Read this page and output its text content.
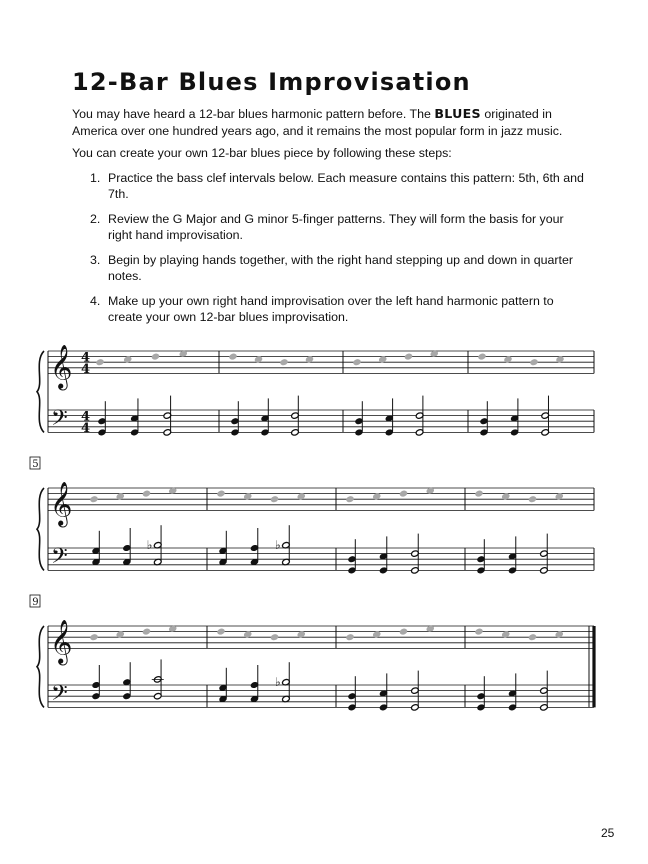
12-Bar Blues Improvisation

You may have heard a 12-bar blues harmonic pattern before. The BLUES originated in America over one hundred years ago, and it remains the most popular form in jazz music.

You can create your own 12-bar blues piece by following these steps:

1. Practice the bass clef intervals below. Each measure contains this pattern: 5th, 6th and 7th.
2. Review the G Major and G minor 5-finger patterns. They will form the basis for your right hand improvisation.
3. Begin by playing hands together, with the right hand stepping up and down in quarter notes.
4. Make up your own right hand improvisation over the left hand harmonic pattern to create your own 12-bar blues improvisation.
𝄞
𝄢
4
4
4
4
𝄞
𝄢
5
♭	♭
𝄞
𝄢
9
♭
25
